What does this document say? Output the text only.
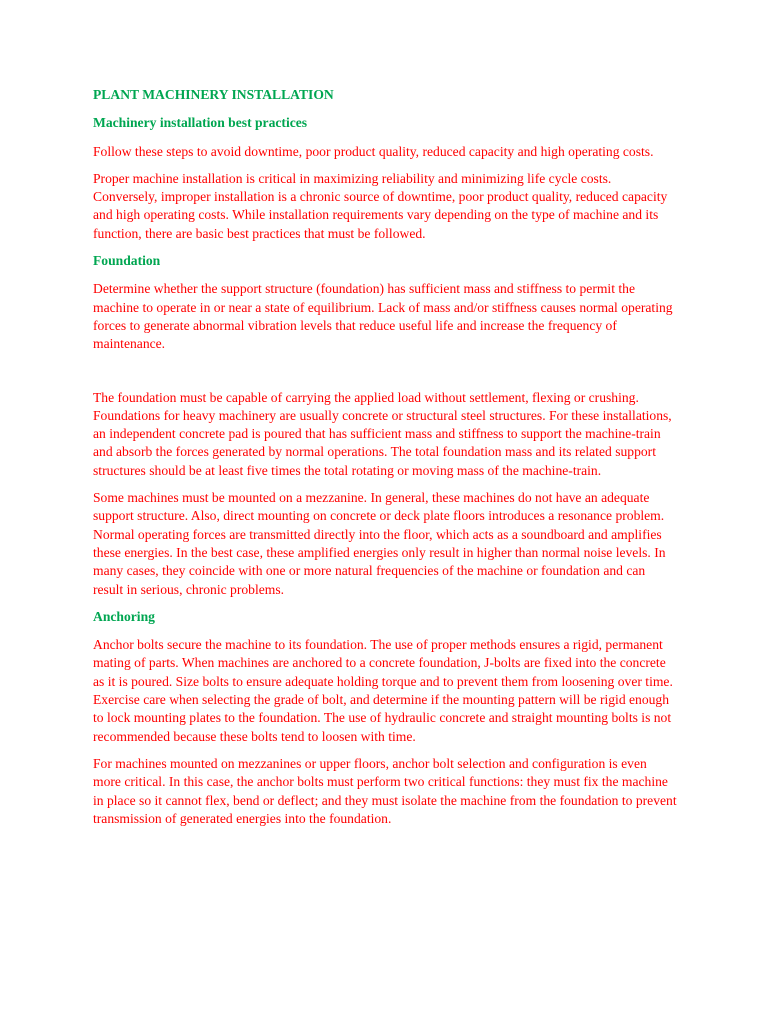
PLANT MACHINERY INSTALLATION
Machinery installation best practices

Follow these steps to avoid downtime, poor product quality, reduced capacity and high operating costs.

Proper machine installation is critical in maximizing reliability and minimizing life cycle costs. Conversely, improper installation is a chronic source of downtime, poor product quality, reduced capacity and high operating costs. While installation requirements vary depending on the type of machine and its function, there are basic best practices that must be followed.

Foundation

Determine whether the support structure (foundation) has sufficient mass and stiffness to permit the machine to operate in or near a state of equilibrium. Lack of mass and/or stiffness causes normal operating forces to generate abnormal vibration levels that reduce useful life and increase the frequency of maintenance.

The foundation must be capable of carrying the applied load without settlement, flexing or crushing. Foundations for heavy machinery are usually concrete or structural steel structures. For these installations, an independent concrete pad is poured that has sufficient mass and stiffness to support the machine-train and absorb the forces generated by normal operations. The total foundation mass and its related support structures should be at least five times the total rotating or moving mass of the machine-train.

Some machines must be mounted on a mezzanine. In general, these machines do not have an adequate support structure. Also, direct mounting on concrete or deck plate floors introduces a resonance problem. Normal operating forces are transmitted directly into the floor, which acts as a soundboard and amplifies these energies. In the best case, these amplified energies only result in higher than normal noise levels. In many cases, they coincide with one or more natural frequencies of the machine or foundation and can result in serious, chronic problems.

Anchoring

Anchor bolts secure the machine to its foundation. The use of proper methods ensures a rigid, permanent mating of parts. When machines are anchored to a concrete foundation, J-bolts are fixed into the concrete as it is poured. Size bolts to ensure adequate holding torque and to prevent them from loosening over time. Exercise care when selecting the grade of bolt, and determine if the mounting pattern will be rigid enough to lock mounting plates to the foundation. The use of hydraulic concrete and straight mounting bolts is not recommended because these bolts tend to loosen with time.

For machines mounted on mezzanines or upper floors, anchor bolt selection and configuration is even more critical. In this case, the anchor bolts must perform two critical functions: they must fix the machine in place so it cannot flex, bend or deflect; and they must isolate the machine from the foundation to prevent transmission of generated energies into the foundation.
